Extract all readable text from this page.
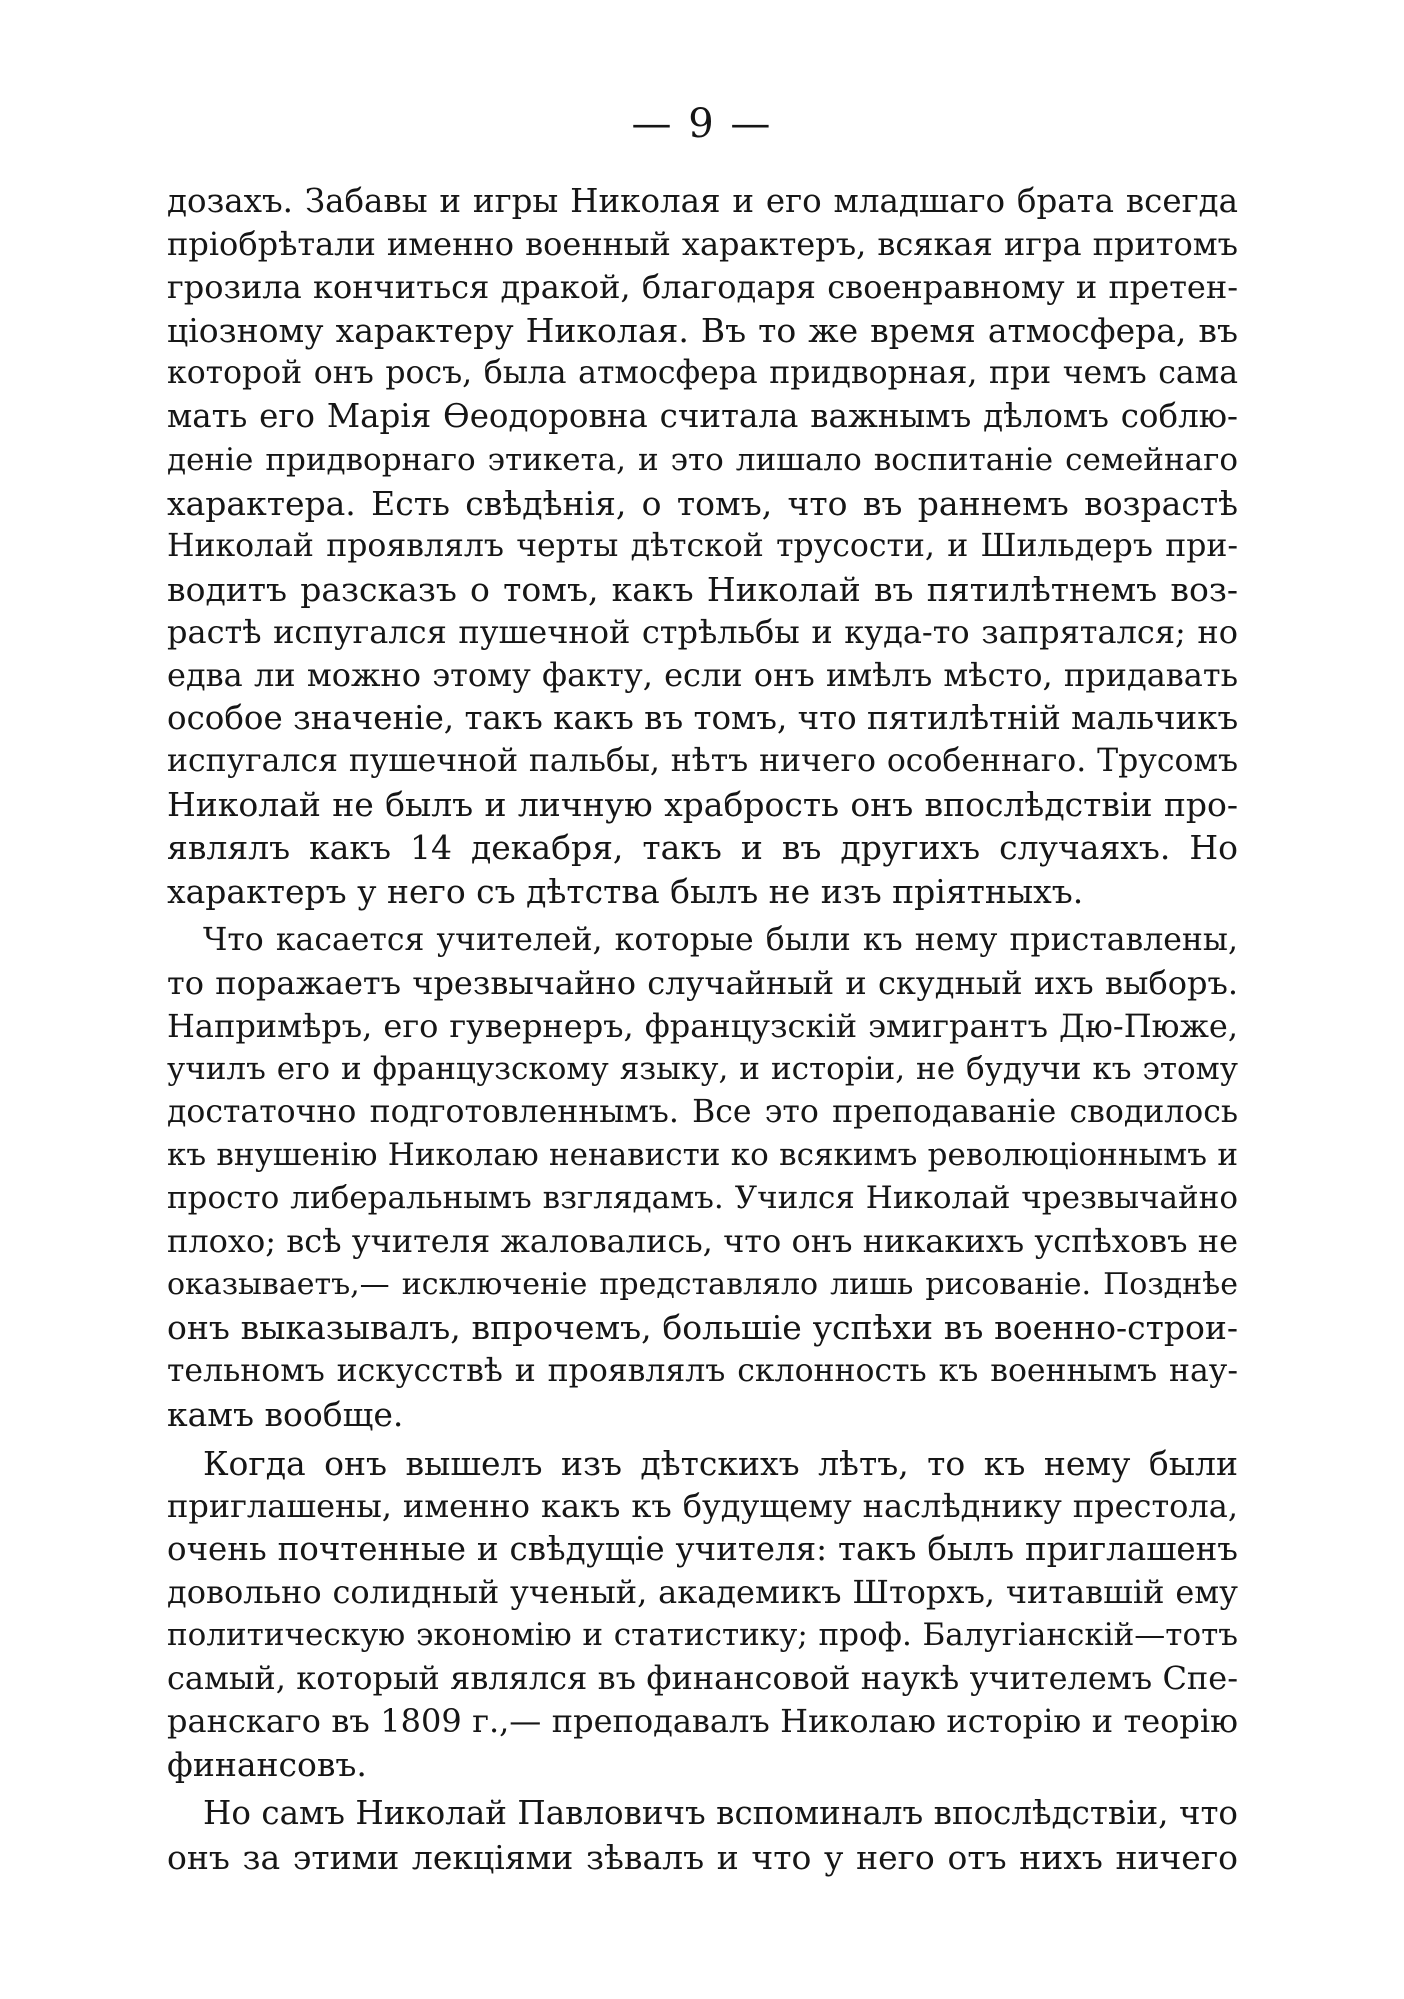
— 9 —
дозахъ. Забавы и игры Николая и его младшаго брата всегда
пріобрѣтали именно военный характеръ, всякая игра притомъ
грозила кончиться дракой, благодаря своенравному и претен-
ціозному характеру Николая. Въ то же время атмосфера, въ
которой онъ росъ, была атмосфера придворная, при чемъ сама
мать его Марія Ѳеодоровна считала важнымъ дѣломъ соблю-
деніе придворнаго этикета, и это лишало воспитаніе семейнаго
характера. Есть свѣдѣнія, о томъ, что въ раннемъ возрастѣ
Николай проявлялъ черты дѣтской трусости, и Шильдеръ при-
водитъ разсказъ о томъ, какъ Николай въ пятилѣтнемъ воз-
растѣ испугался пушечной стрѣльбы и куда-то запрятался; но
едва ли можно этому факту, если онъ имѣлъ мѣсто, придавать
особое значеніе, такъ какъ въ томъ, что пятилѣтній мальчикъ
испугался пушечной пальбы, нѣтъ ничего особеннаго. Трусомъ
Николай не былъ и личную храбрость онъ впослѣдствіи про-
являлъ какъ 14 декабря, такъ и въ другихъ случаяхъ. Но
характеръ у него съ дѣтства былъ не изъ пріятныхъ.
Что касается учителей, которые были къ нему приставлены,
то поражаетъ чрезвычайно случайный и скудный ихъ выборъ.
Напримѣръ, его гувернеръ, французскій эмигрантъ Дю-Пюже,
училъ его и французскому языку, и исторіи, не будучи къ этому
достаточно подготовленнымъ. Все это преподаваніе сводилось
къ внушенію Николаю ненависти ко всякимъ революціоннымъ и
просто либеральнымъ взглядамъ. Учился Николай чрезвычайно
плохо; всѣ учителя жаловались, что онъ никакихъ успѣховъ не
оказываетъ,— исключеніе представляло лишь рисованіе. Позднѣе
онъ выказывалъ, впрочемъ, большіе успѣхи въ военно-строи-
тельномъ искусствѣ и проявлялъ склонность къ военнымъ нау-
камъ вообще.
Когда онъ вышелъ изъ дѣтскихъ лѣтъ, то къ нему были
приглашены, именно какъ къ будущему наслѣднику престола,
очень почтенные и свѣдущіе учителя: такъ былъ приглашенъ
довольно солидный ученый, академикъ Шторхъ, читавшій ему
политическую экономію и статистику; проф. Балугіанскій—тотъ
самый, который являлся въ финансовой наукѣ учителемъ Спе-
ранскаго въ 1809 г.,— преподавалъ Николаю исторію и теорію
финансовъ.
Но самъ Николай Павловичъ вспоминалъ впослѣдствіи, что
онъ за этими лекціями зѣвалъ и что у него отъ нихъ ничего
